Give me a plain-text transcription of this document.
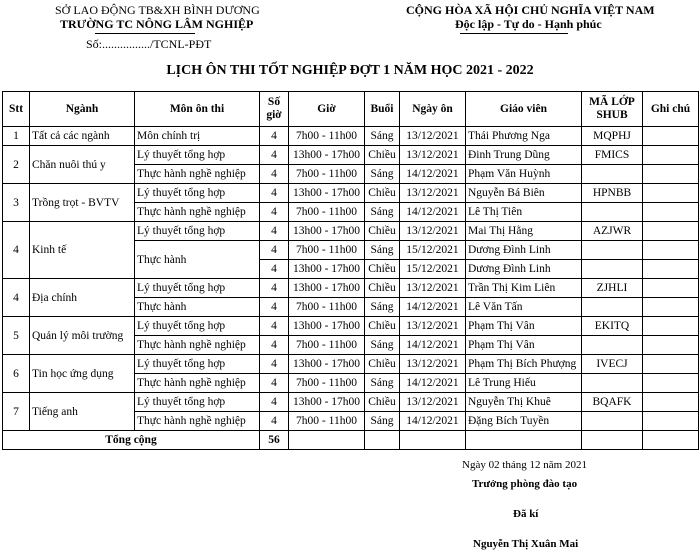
SỞ LAO ĐỘNG TB&XH BÌNH DƯƠNG
TRƯỜNG TC NÔNG LÂM NGHIỆP
Số:................/TCNL-PĐT
CỘNG HÒA XÃ HỘI CHỦ NGHĨA VIỆT NAM
Độc lập - Tự do - Hạnh phúc
LỊCH ÔN THI TỐT NGHIỆP ĐỢT 1 NĂM HỌC 2021 - 2022
Stt	Ngành	Môn ôn thi	Số giờ	Giờ	Buổi	Ngày ôn	Giáo viên	MÃ LỚP SHUB	Ghi chú
1	Tất cả các ngành	Môn chính trị	4	7h00 - 11h00	Sáng	13/12/2021	Thái Phương Nga	MQPHJ	
2	Chăn nuôi thú y	Lý thuyết tổng hợp	4	13h00 - 17h00	Chiều	13/12/2021	Đinh Trung Dũng	FMICS	
		Thực hành nghề nghiệp	4	7h00 - 11h00	Sáng	14/12/2021	Phạm Văn Huỳnh		
3	Trồng trọt - BVTV	Lý thuyết tổng hợp	4	13h00 - 17h00	Chiều	13/12/2021	Nguyễn Bá Biên	HPNBB	
		Thực hành nghề nghiệp	4	7h00 - 11h00	Sáng	14/12/2021	Lê Thị Tiên		
4	Kinh tế	Lý thuyết tổng hợp	4	13h00 - 17h00	Chiều	13/12/2021	Mai Thị Hằng	AZJWR	
		Thực hành	4	7h00 - 11h00	Sáng	15/12/2021	Dương Đình Linh		
			4	13h00 - 17h00	Chiều	15/12/2021	Dương Đình Linh		
4	Địa chính	Lý thuyết tổng hợp	4	13h00 - 17h00	Chiều	13/12/2021	Trần Thị Kim Liên	ZJHLI	
		Thực hành	4	7h00 - 11h00	Sáng	14/12/2021	Lê Văn Tấn		
5	Quản lý môi trường	Lý thuyết tổng hợp	4	13h00 - 17h00	Chiều	13/12/2021	Phạm Thị Vân	EKITQ	
		Thực hành nghề nghiệp	4	7h00 - 11h00	Sáng	14/12/2021	Phạm Thị Vân		
6	Tin học ứng dụng	Lý thuyết tổng hợp	4	13h00 - 17h00	Chiều	13/12/2021	Phạm Thị Bích Phượng	IVECJ	
		Thực hành nghề nghiệp	4	7h00 - 11h00	Sáng	14/12/2021	Lê Trung Hiếu		
7	Tiếng anh	Lý thuyết tổng hợp	4	13h00 - 17h00	Chiều	13/12/2021	Nguyễn Thị Khuê	BQAFK	
		Thực hành nghề nghiệp	4	7h00 - 11h00	Sáng	14/12/2021	Đặng Bích Tuyền		
Tổng cộng			56						
Ngày 02 tháng 12 năm 2021
Trưởng phòng đào tạo
Đã kí
Nguyễn Thị Xuân Mai
